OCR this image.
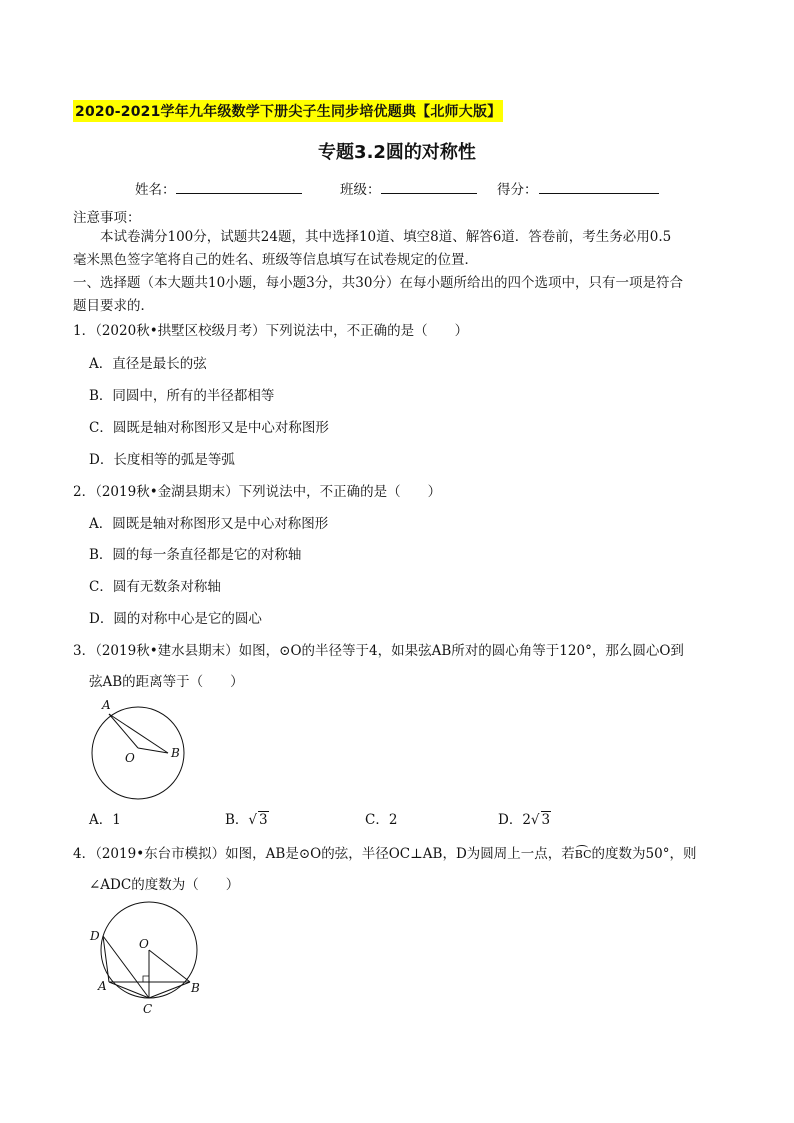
2020-2021学年九年级数学下册尖子生同步培优题典【北师大版】
专题3.2圆的对称性
姓名：	班级：	得分：
注意事项：
本试卷满分100分，试题共24题，其中选择10道、填空8道、解答6道．答卷前，考生务必用0.5
毫米黑色签字笔将自己的姓名、班级等信息填写在试卷规定的位置．
一、选择题（本大题共10小题，每小题3分，共30分）在每小题所给出的四个选项中，只有一项是符合
题目要求的．
1．（2020秋•拱墅区校级月考）下列说法中，不正确的是（　　）
A．直径是最长的弦
B．同圆中，所有的半径都相等
C．圆既是轴对称图形又是中心对称图形
D．长度相等的弧是等弧
2．（2019秋•金湖县期末）下列说法中，不正确的是（　　）
A．圆既是轴对称图形又是中心对称图形
B．圆的每一条直径都是它的对称轴
C．圆有无数条对称轴
D．圆的对称中心是它的圆心
3．（2019秋•建水县期末）如图，⊙O的半径等于4，如果弦AB所对的圆心角等于120°，那么圆心O到
弦AB的距离等于（　　）
A
O	B
A．1	B．√ 3	C．2	D．2√ 3
4．（2019•东台市模拟）如图，AB是⊙O的弦，半径OC⊥AB，D为圆周上一点，若BC的度数为50°，则
∠ADC的度数为（　　）
D
O
A	B
C
